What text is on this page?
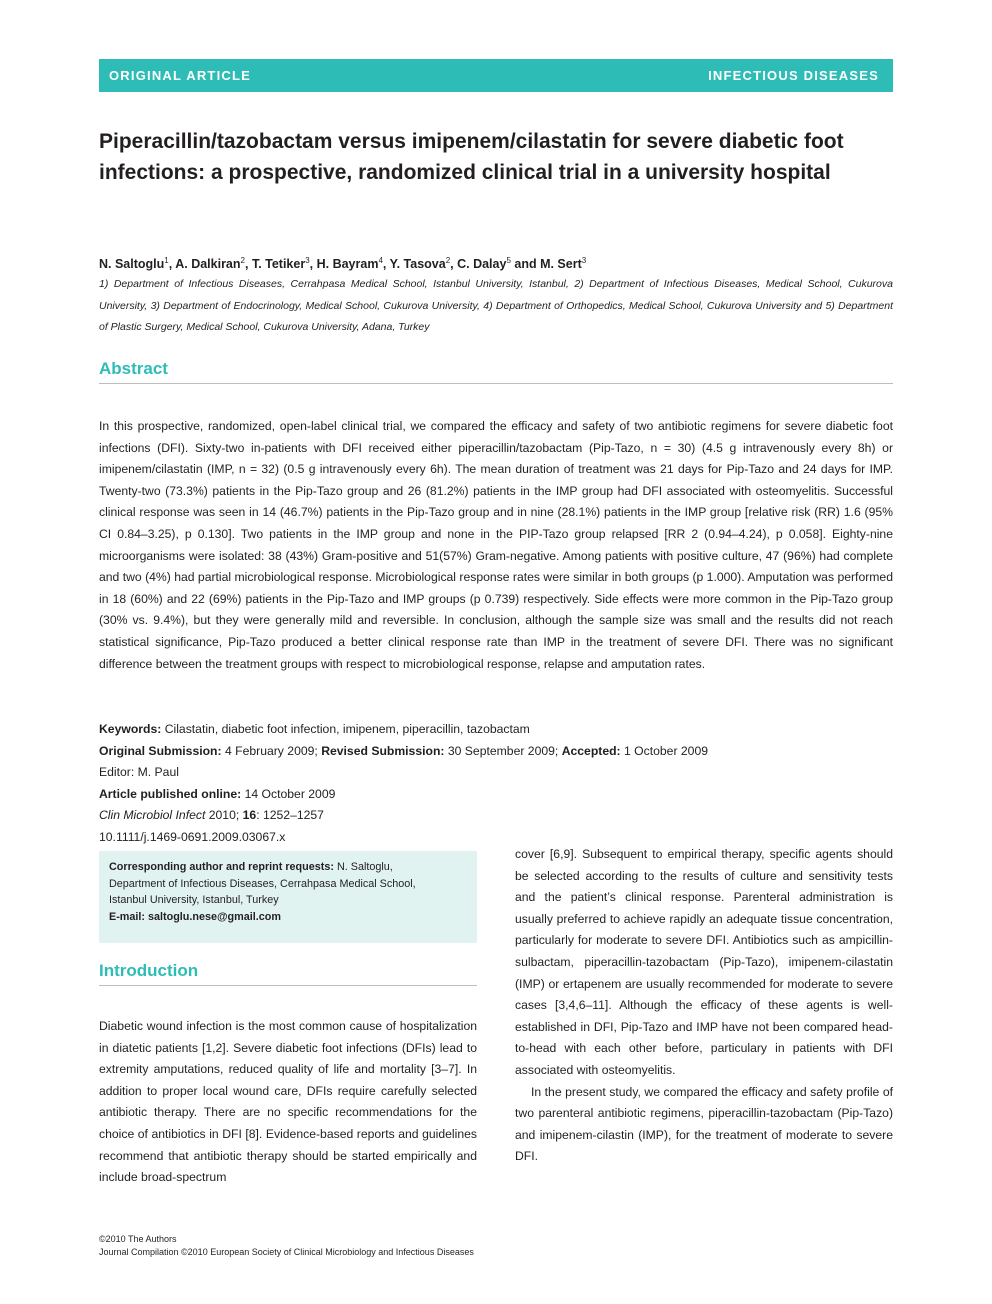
ORIGINAL ARTICLE	INFECTIOUS DISEASES
Piperacillin/tazobactam versus imipenem/cilastatin for severe diabetic foot infections: a prospective, randomized clinical trial in a university hospital
N. Saltoglu$^1$, A. Dalkiran$^2$, T. Tetiker$^3$, H. Bayram$^4$, Y. Tasova$^2$, C. Dalay$^5$ and M. Sert$^3$

1) Department of Infectious Diseases, Cerrahpasa Medical School, Istanbul University, Istanbul, 2) Department of Infectious Diseases, Medical School, Cukurova University, 3) Department of Endocrinology, Medical School, Cukurova University, 4) Department of Orthopedics, Medical School, Cukurova University and 5) Department of Plastic Surgery, Medical School, Cukurova University, Adana, Turkey

Abstract

In this prospective, randomized, open-label clinical trial, we compared the efficacy and safety of two antibiotic regimens for severe diabetic foot infections (DFI). Sixty-two in-patients with DFI received either piperacillin/tazobactam (Pip-Tazo, n = 30) (4.5 g intravenously every 8h) or imipenem/cilastatin (IMP, n = 32) (0.5 g intravenously every 6h). The mean duration of treatment was 21 days for Pip-Tazo and 24 days for IMP. Twenty-two (73.3%) patients in the Pip-Tazo group and 26 (81.2%) patients in the IMP group had DFI associated with osteomyelitis. Successful clinical response was seen in 14 (46.7%) patients in the Pip-Tazo group and in nine (28.1%) patients in the IMP group [relative risk (RR) 1.6 (95% CI 0.84–3.25), p 0.130]. Two patients in the IMP group and none in the PIP-Tazo group relapsed [RR 2 (0.94–4.24), p 0.058]. Eighty-nine microorganisms were isolated: 38 (43%) Gram-positive and 51(57%) Gram-negative. Among patients with positive culture, 47 (96%) had complete and two (4%) had partial microbiological response. Microbiological response rates were similar in both groups (p 1.000). Amputation was performed in 18 (60%) and 22 (69%) patients in the Pip-Tazo and IMP groups (p 0.739) respectively. Side effects were more common in the Pip-Tazo group (30% vs. 9.4%), but they were generally mild and reversible. In conclusion, although the sample size was small and the results did not reach statistical significance, Pip-Tazo produced a better clinical response rate than IMP in the treatment of severe DFI. There was no significant difference between the treatment groups with respect to microbiological response, relapse and amputation rates.

Keywords: Cilastatin, diabetic foot infection, imipenem, piperacillin, tazobactam
Original Submission: 4 February 2009; Revised Submission: 30 September 2009; Accepted: 1 October 2009
Editor: M. Paul
Article published online: 14 October 2009
Clin Microbiol Infect 2010; 16: 1252–1257
10.1111/j.1469-0691.2009.03067.x
Corresponding author and reprint requests: N. Saltoglu,
Department of Infectious Diseases, Cerrahpasa Medical School,
Istanbul University, Istanbul, Turkey
E-mail: saltoglu.nese@gmail.com
Introduction

Diabetic wound infection is the most common cause of hospitalization in diatetic patients [1,2]. Severe diabetic foot infections (DFIs) lead to extremity amputations, reduced quality of life and mortality [3–7]. In addition to proper local wound care, DFIs require carefully selected antibiotic therapy. There are no specific recommendations for the choice of antibiotics in DFI [8]. Evidence-based reports and guidelines recommend that antibiotic therapy should be started empirically and include broad-spectrum

cover [6,9]. Subsequent to empirical therapy, specific agents should be selected according to the results of culture and sensitivity tests and the patient’s clinical response. Parenteral administration is usually preferred to achieve rapidly an adequate tissue concentration, particularly for moderate to severe DFI. Antibiotics such as ampicillin-sulbactam, piperacillin-tazobactam (Pip-Tazo), imipenem-cilastatin (IMP) or ertapenem are usually recommended for moderate to severe cases [3,4,6–11]. Although the efficacy of these agents is well-established in DFI, Pip-Tazo and IMP have not been compared head-to-head with each other before, particulary in patients with DFI associated with osteomyelitis.

In the present study, we compared the efficacy and safety profile of two parenteral antibiotic regimens, piperacillin-tazobactam (Pip-Tazo) and imipenem-cilastin (IMP), for the treatment of moderate to severe DFI.

©2010 The Authors
Journal Compilation ©2010 European Society of Clinical Microbiology and Infectious Diseases
